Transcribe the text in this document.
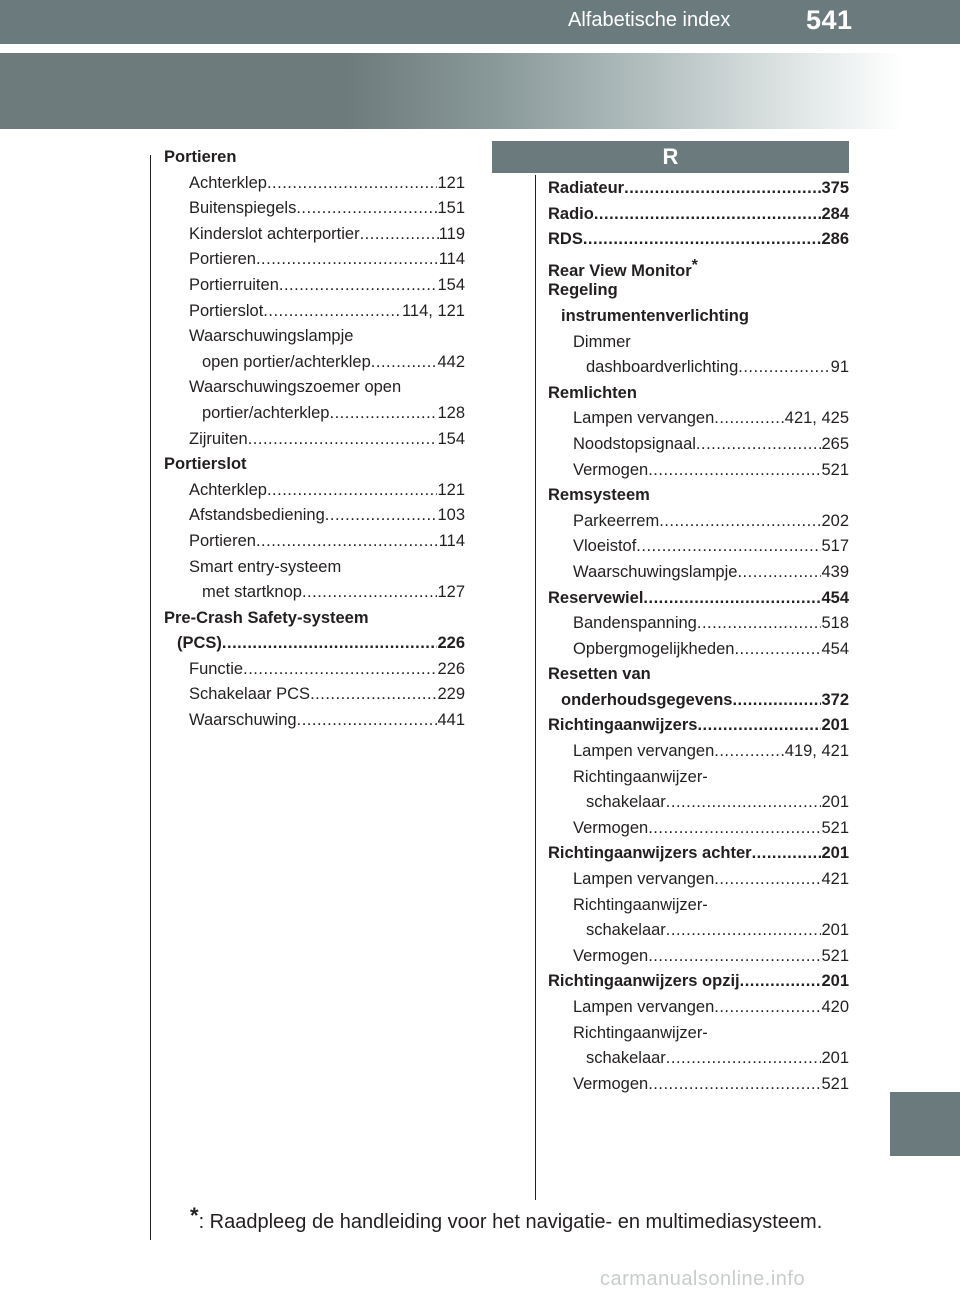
Alfabetische index	541
R
Portieren
Achterklep .....	121
Buitenspiegels .....	151
Kinderslot achterportier .....	119
Portieren .....	114
Portierruiten .....	154
Portierslot .....	114, 121
Waarschuwingslampje
open portier/achterklep .....	442
Waarschuwingszoemer open
portier/achterklep .....	128
Zijruiten .....	154
Portierslot
Achterklep .....	121
Afstandsbediening .....	103
Portieren .....	114
Smart entry-systeem
met startknop .....	127
Pre-Crash Safety-systeem
(PCS) .....	226
Functie .....	226
Schakelaar PCS .....	229
Waarschuwing .....	441
Radiateur .....	375
Radio .....	284
RDS .....	286
Rear View Monitor*
Regeling
instrumentenverlichting
Dimmer
dashboardverlichting .....	91
Remlichten
Lampen vervangen .....	421, 425
Noodstopsignaal .....	265
Vermogen .....	521
Remsysteem
Parkeerrem .....	202
Vloeistof .....	517
Waarschuwingslampje .....	439
Reservewiel .....	454
Bandenspanning .....	518
Opbergmogelijkheden .....	454
Resetten van
onderhoudsgegevens .....	372
Richtingaanwijzers .....	201
Lampen vervangen .....	419, 421
Richtingaanwijzer-
schakelaar .....	201
Vermogen .....	521
Richtingaanwijzers achter .....	201
Lampen vervangen .....	421
Richtingaanwijzer-
schakelaar .....	201
Vermogen .....	521
Richtingaanwijzers opzij .....	201
Lampen vervangen .....	420
Richtingaanwijzer-
schakelaar .....	201
Vermogen .....	521
*: Raadpleeg de handleiding voor het navigatie- en multimediasysteem.
carmanualsonline.info
